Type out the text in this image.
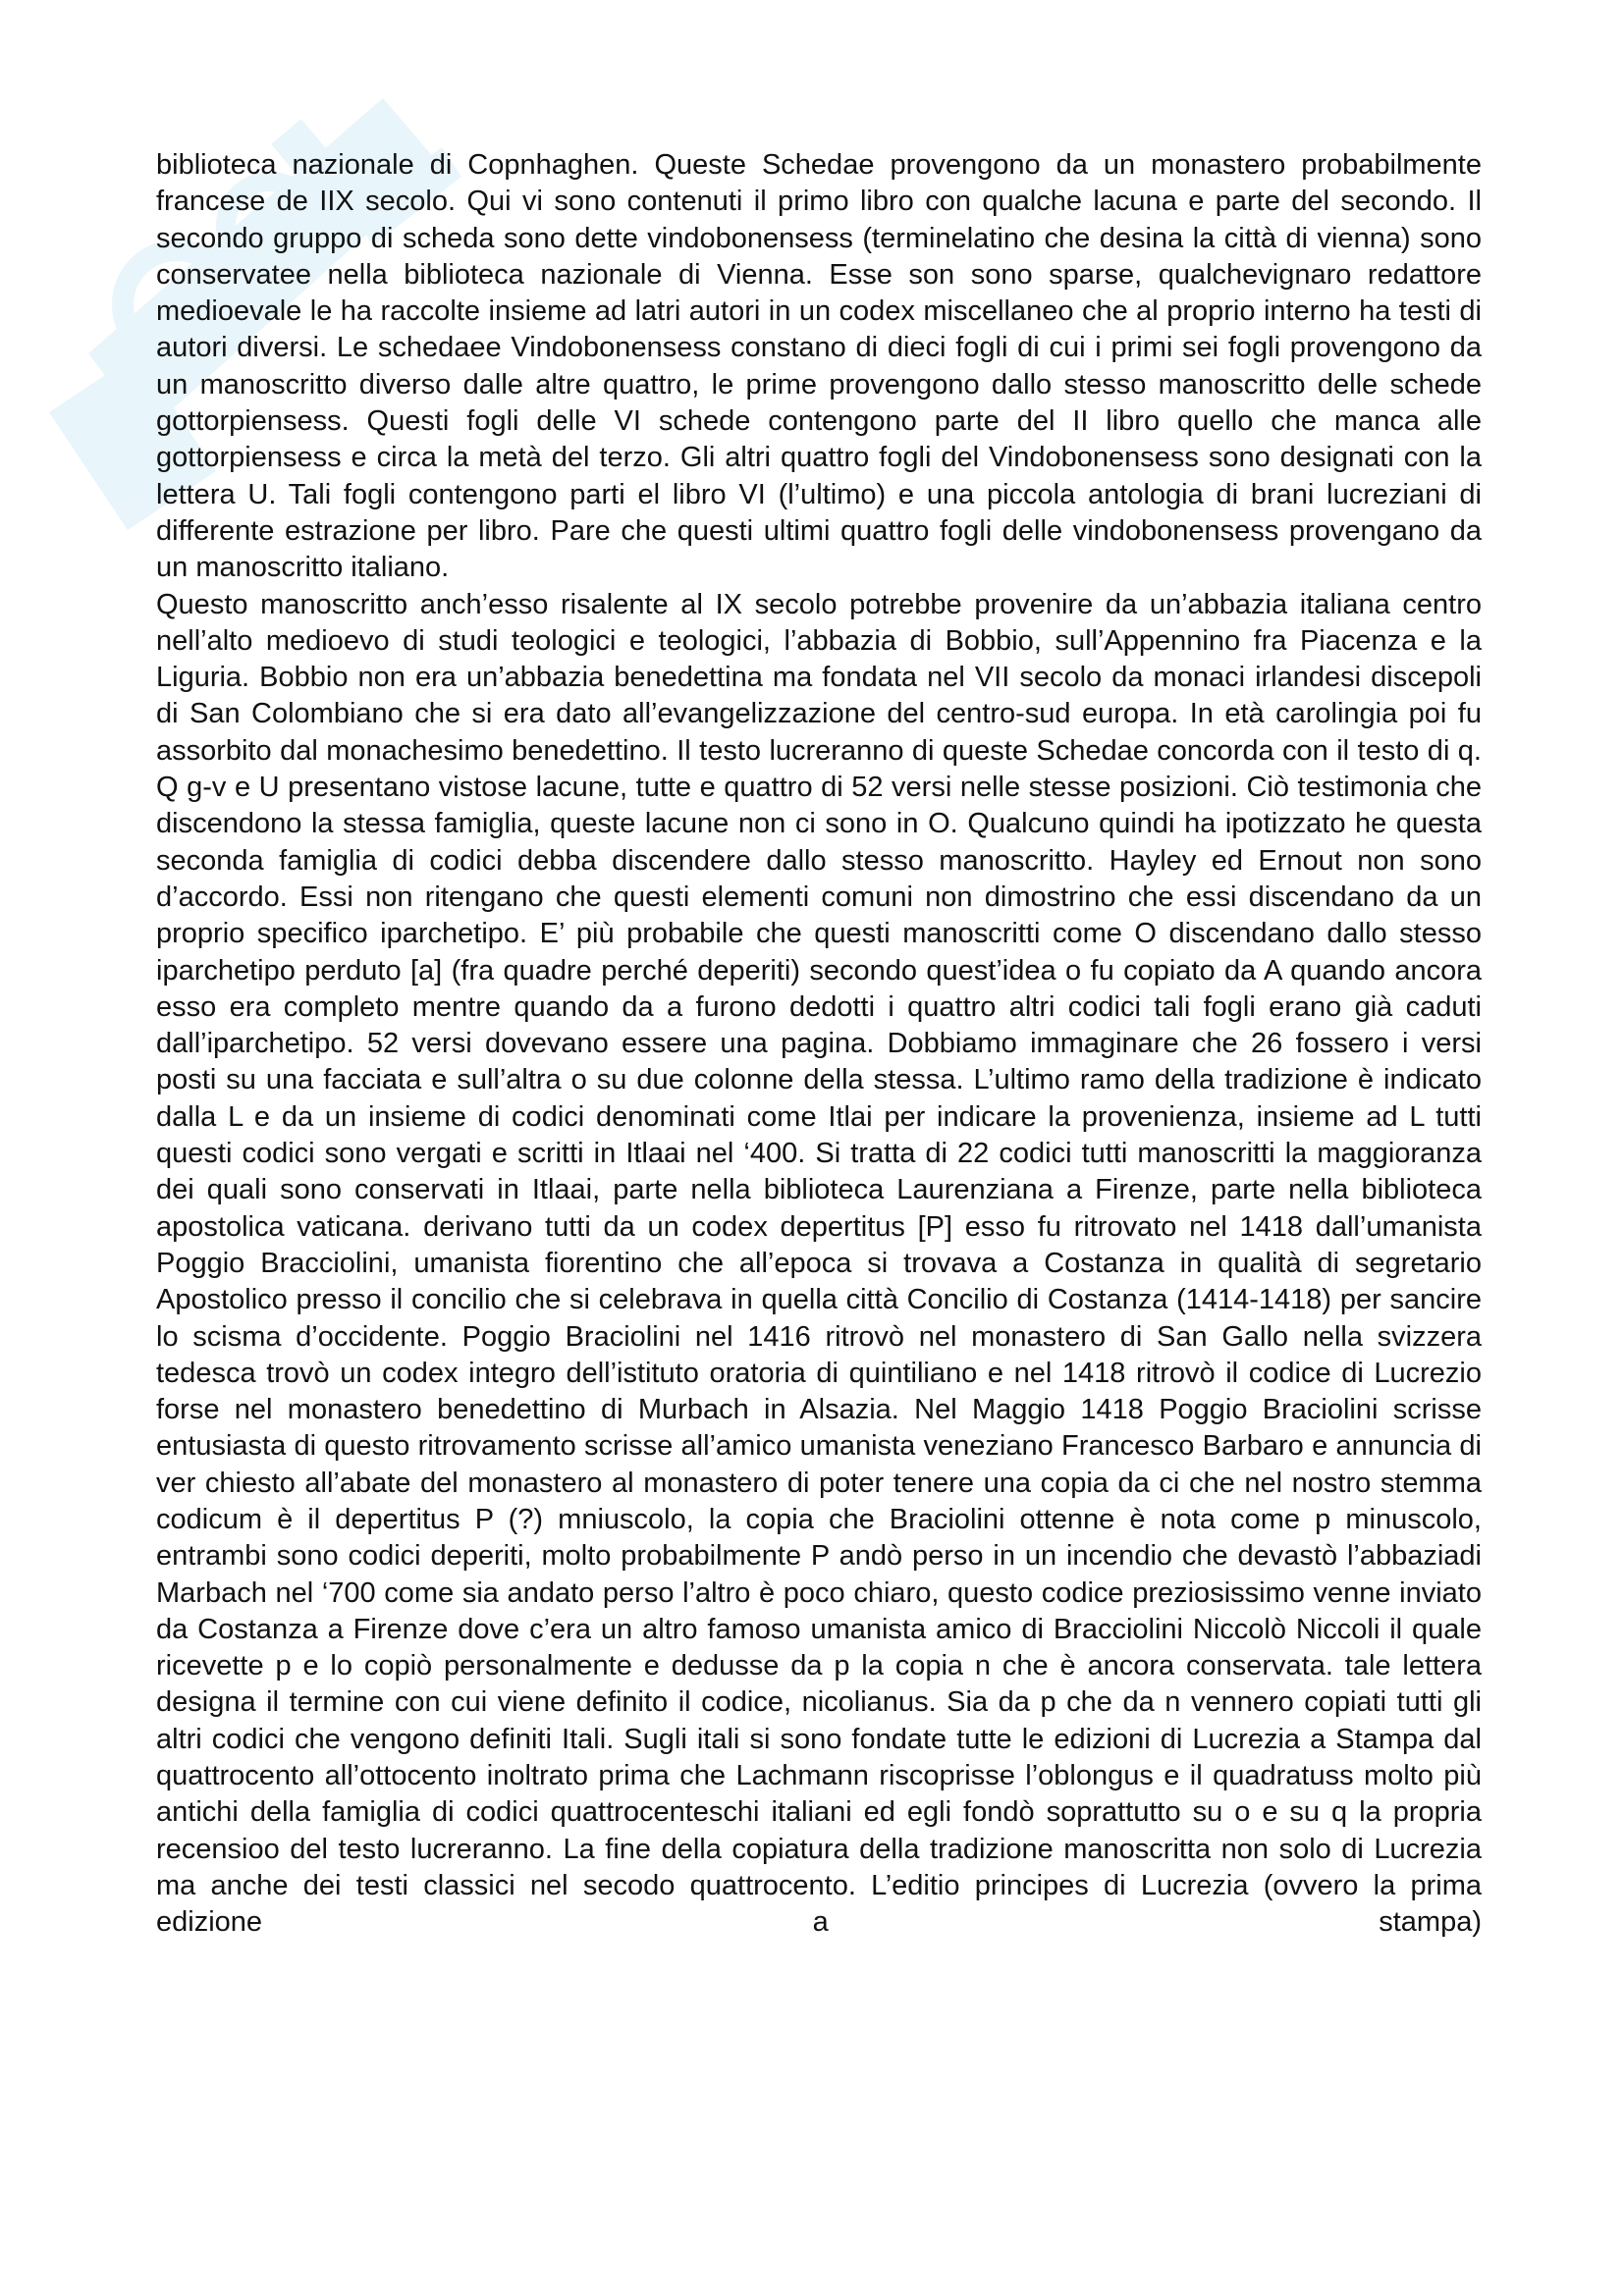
biblioteca nazionale di Copnhaghen. Queste Schedae provengono da un monastero probabilmente francese de IIX secolo. Qui vi sono contenuti il primo libro con qualche lacuna e parte del secondo. Il secondo gruppo di scheda sono dette vindobonensess (terminelatino che desina la città di vienna) sono conservatee nella biblioteca nazionale di Vienna. Esse son sono sparse, qualchevignaro redattore medioevale le ha raccolte insieme ad latri autori in un codex miscellaneo che al proprio interno ha testi di autori diversi. Le schedaee Vindobonensess constano di dieci fogli di cui i primi sei fogli provengono da un manoscritto diverso dalle altre quattro, le prime provengono dallo stesso manoscritto delle schede gottorpiensess. Questi fogli delle VI schede contengono parte del II libro quello che manca alle gottorpiensess e circa la metà del terzo. Gli altri quattro fogli del Vindobonensess sono designati con la lettera U. Tali fogli contengono parti el libro VI (l’ultimo) e una piccola antologia di brani lucreziani di differente estrazione per libro. Pare che questi ultimi quattro fogli delle vindobonensess provengano da un manoscritto italiano.

Questo manoscritto anch’esso risalente al IX secolo potrebbe provenire da un’abbazia italiana centro nell’alto medioevo di studi teologici e teologici, l’abbazia di Bobbio, sull’Appennino fra Piacenza e la Liguria. Bobbio non era un’abbazia benedettina ma fondata nel VII secolo da monaci irlandesi discepoli di San Colombiano che si era dato all’evangelizzazione del centro-sud europa. In età carolingia poi fu assorbito dal monachesimo benedettino. Il testo lucreranno di queste Schedae concorda con il testo di q. Q g-v e U presentano vistose lacune, tutte e quattro di 52 versi nelle stesse posizioni. Ciò testimonia che discendono la stessa famiglia, queste lacune non ci sono in O. Qualcuno quindi ha ipotizzato he questa seconda famiglia di codici debba discendere dallo stesso manoscritto. Hayley ed Ernout non sono d’accordo. Essi non ritengano che questi elementi comuni non dimostrino che essi discendano da un proprio specifico iparchetipo. E’ più probabile che questi manoscritti come O discendano dallo stesso iparchetipo perduto [a] (fra quadre perché deperiti) secondo quest’idea o fu copiato da A quando ancora esso era completo mentre quando da a furono dedotti i quattro altri codici tali fogli erano già caduti dall’iparchetipo. 52 versi dovevano essere una pagina. Dobbiamo immaginare che 26 fossero i versi posti su una facciata e sull’altra o su due colonne della stessa. L’ultimo ramo della tradizione è indicato dalla L e da un insieme di codici denominati come Itlai per indicare la provenienza, insieme ad L tutti questi codici sono vergati e scritti in Itlaai nel ‘400. Si tratta di 22 codici tutti manoscritti la maggioranza dei quali sono conservati in Itlaai, parte nella biblioteca Laurenziana a Firenze, parte nella biblioteca apostolica vaticana. derivano tutti da un codex depertitus [P] esso fu ritrovato nel 1418 dall’umanista Poggio Bracciolini, umanista fiorentino che all’epoca si trovava a Costanza in qualità di segretario Apostolico presso il concilio che si celebrava in quella città Concilio di Costanza (1414-1418) per sancire lo scisma d’occidente. Poggio Braciolini nel 1416 ritrovò nel monastero di San Gallo nella svizzera tedesca trovò un codex integro dell’istituto oratoria di quintiliano e nel 1418 ritrovò il codice di Lucrezio forse nel monastero benedettino di Murbach in Alsazia. Nel Maggio 1418 Poggio Braciolini scrisse entusiasta di questo ritrovamento scrisse all’amico umanista veneziano Francesco Barbaro e annuncia di ver chiesto all’abate del monastero al monastero di poter tenere una copia da ci che nel nostro stemma codicum è il depertitus P (?) mniuscolo, la copia che Braciolini ottenne è nota come p minuscolo, entrambi sono codici deperiti, molto probabilmente P andò perso in un incendio che devastò l’abbaziadi Marbach nel ‘700 come sia andato perso l’altro è poco chiaro, questo codice preziosissimo venne inviato da Costanza a Firenze dove c’era un altro famoso umanista amico di Bracciolini Niccolò Niccoli il quale ricevette p e lo copiò personalmente e dedusse da p la copia n che è ancora conservata. tale lettera designa il termine con cui viene definito il codice, nicolianus. Sia da p che da n vennero copiati tutti gli altri codici che vengono definiti Itali. Sugli itali si sono fondate tutte le edizioni di Lucrezia a Stampa dal quattrocento all’ottocento inoltrato prima che Lachmann riscoprisse l’oblongus e il quadratuss molto più antichi della famiglia di codici quattrocenteschi italiani ed egli fondò soprattutto su o e su q la propria recensioo del testo lucreranno. La fine della copiatura della tradizione manoscritta non solo di Lucrezia ma anche dei testi classici nel secodo quattrocento. L’editio principes di Lucrezia (ovvero la prima edizione a stampa)
